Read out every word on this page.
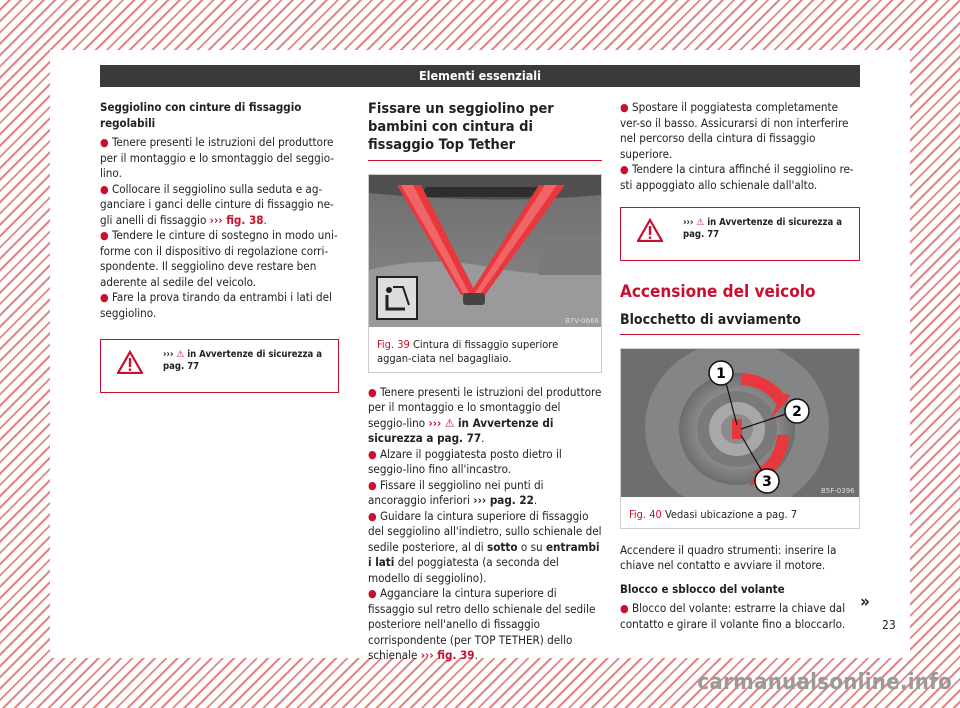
Elementi essenziali

Seggiolino con cinture di fissaggio regolabili

● Tenere presenti le istruzioni del produttore per il montaggio e lo smontaggio del seggio-lino.

● Collocare il seggiolino sulla seduta e ag-ganciare i ganci delle cinture di fissaggio ne-gli anelli di fissaggio ››› fig. 38.

● Tendere le cinture di sostegno in modo uni-forme con il dispositivo di regolazione corri-spondente. Il seggiolino deve restare ben aderente al sedile del veicolo.

● Fare la prova tirando da entrambi i lati del seggiolino.

››› ⚠ in Avvertenze di sicurezza a
pag. 77
Fissare un seggiolino per bambini con cintura di fissaggio Top Tether
B7V-0666
Fig. 39 Cintura di fissaggio superiore aggan-ciata nel bagagliaio.

● Tenere presenti le istruzioni del produttore per il montaggio e lo smontaggio del seggio-lino ››› ⚠ in Avvertenze di sicurezza a pag. 77.

● Alzare il poggiatesta posto dietro il seggio-lino fino all'incastro.

● Fissare il seggiolino nei punti di ancoraggio inferiori ››› pag. 22.

● Guidare la cintura superiore di fissaggio del seggiolino all'indietro, sullo schienale del sedile posteriore, al di sotto o su entrambi i lati del poggiatesta (a seconda del modello di seggiolino).

● Agganciare la cintura superiore di fissaggio sul retro dello schienale del sedile posteriore nell'anello di fissaggio corrispondente (per TOP TETHER) dello schienale ››› fig. 39.

● Spostare il poggiatesta completamente ver-so il basso. Assicurarsi di non interferire nel percorso della cintura di fissaggio superiore.

● Tendere la cintura affinché il seggiolino re-sti appoggiato allo schienale dall'alto.

››› ⚠ in Avvertenze di sicurezza a
pag. 77
Accensione del veicolo
Blocchetto di avviamento
1
2
3
B5F-0396
Fig. 40 Vedasi ubicazione a pag. 7

Accendere il quadro strumenti: inserire la chiave nel contatto e avviare il motore.

Blocco e sblocco del volante

● Blocco del volante: estrarre la chiave dal contatto e girare il volante fino a bloccarlo.

»
23
carmanualsonline.info
